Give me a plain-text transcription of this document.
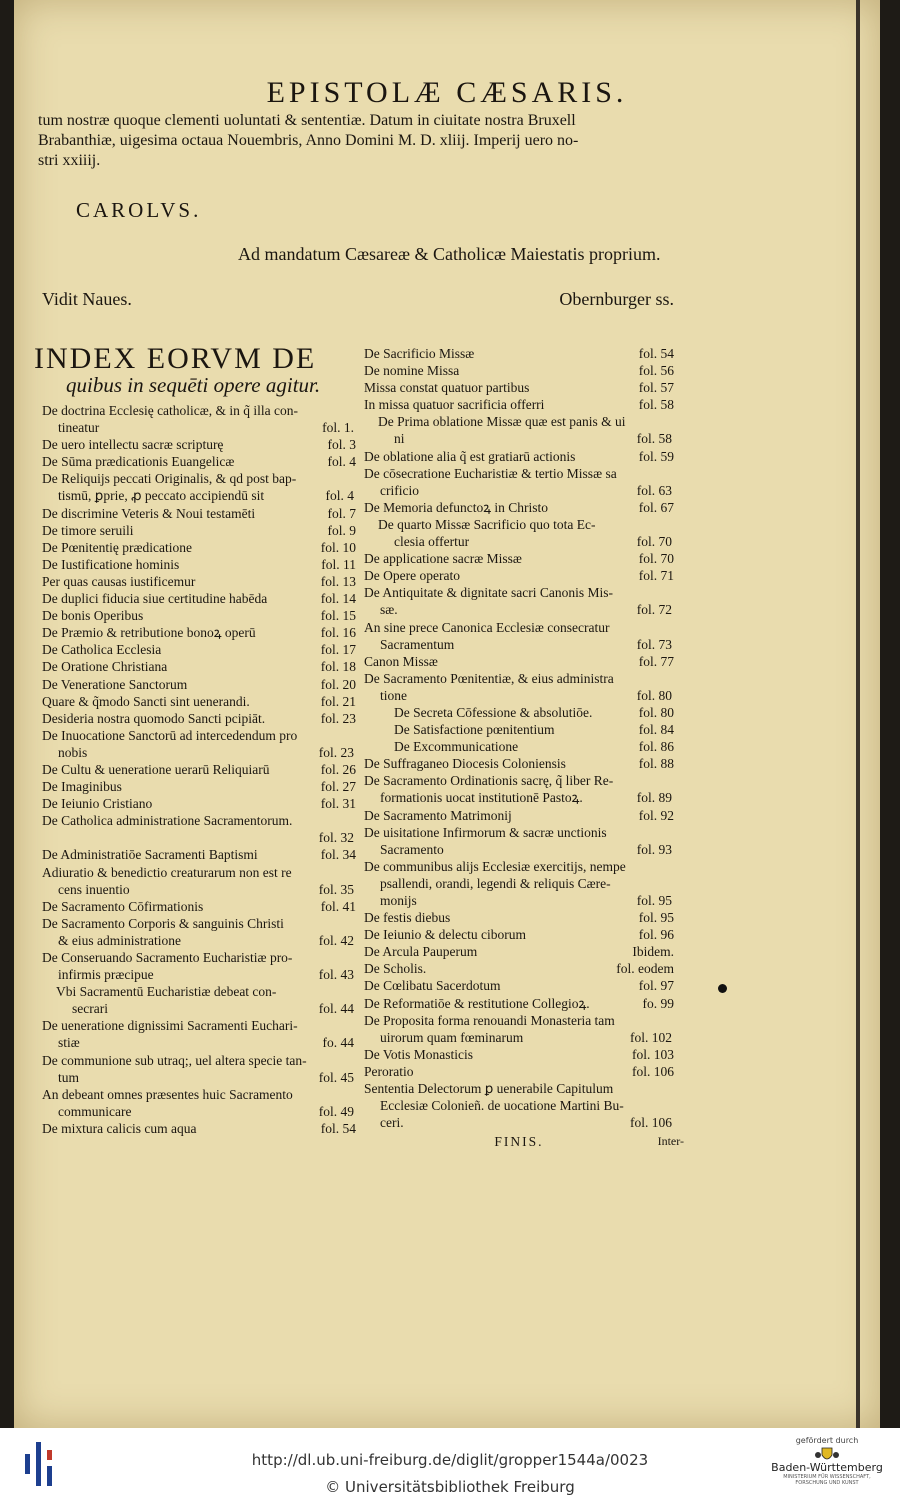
EPISTOLÆ CÆSARIS.
tum nostræ quoque clementi uoluntati & sententiæ. Datum in ciuitate nostra Bruxell
Brabanthiæ, uigesima octaua Nouembris, Anno Domini M. D. xliij. Imperij uero no-
stri xxiiij.
CAROLVS.
Ad mandatum Cæsareæ & Catholicæ Maiestatis proprium.
Vidit Naues.	Obernburger ss.
INDEX EORVM DE
quibus in sequēti opere agitur.
De doctrina Ecclesię catholicæ, & in q̃ illa con-
tineatur	fol. 1.
De uero intellectu sacræ scripturę	fol. 3
De Sūma prædicationis Euangelicæ	fol. 4
De Reliquijs peccati Originalis, & qd post bap-
tismū, ꝑprie, ꝓ peccato accipiendū sit	fol. 4
De discrimine Veteris & Noui testamēti	fol. 7
De timore seruili	fol. 9
De Pœnitentię prædicatione	fol. 10
De Iustificatione hominis	fol. 11
Per quas causas iustificemur	fol. 13
De duplici fiducia siue certitudine habēda	fol. 14
De bonis Operibus	fol. 15
De Præmio & retributione bonoꝝ operū	fol. 16
De Catholica Ecclesia	fol. 17
De Oratione Christiana	fol. 18
De Veneratione Sanctorum	fol. 20
Quare & q̃modo Sancti sint uenerandi.	fol. 21
Desideria nostra quomodo Sancti pcipiāt.	fol. 23
De Inuocatione Sanctorū ad intercedendum pro
nobis	fol. 23
De Cultu & ueneratione uerarū Reliquiarū	fol. 26
De Imaginibus	fol. 27
De Ieiunio Cristiano	fol. 31
De Catholica administratione Sacramentorum.
fol. 32
De Administratiōe Sacramenti Baptismi	fol. 34
Adiuratio & benedictio creaturarum non est re
cens inuentio	fol. 35
De Sacramento Cōfirmationis	fol. 41
De Sacramento Corporis & sanguinis Christi
& eius administratione	fol. 42
De Conseruando Sacramento Eucharistiæ pro-
infirmis præcipue	fol. 43
Vbi Sacramentū Eucharistiæ debeat con-
secrari	fol. 44
De ueneratione dignissimi Sacramenti Euchari-
stiæ	fo. 44
De communione sub utraq;, uel altera specie tan-
tum	fol. 45
An debeant omnes præsentes huic Sacramento
communicare	fol. 49
De mixtura calicis cum aqua	fol. 54
De Sacrificio Missæ	fol. 54
De nomine Missa	fol. 56
Missa constat quatuor partibus	fol. 57
In missa quatuor sacrificia offerri	fol. 58
De Prima oblatione Missæ quæ est panis & ui
ni	fol. 58
De oblatione alia q̃ est gratiarū actionis	fol. 59
De cōsecratione Eucharistiæ & tertio Missæ sa
crificio	fol. 63
De Memoria defunctoꝝ in Christo	fol. 67
De quarto Missæ Sacrificio quo tota Ec-
clesia offertur	fol. 70
De applicatione sacræ Missæ	fol. 70
De Opere operato	fol. 71
De Antiquitate & dignitate sacri Canonis Mis-
sæ.	fol. 72
An sine prece Canonica Ecclesiæ consecratur
Sacramentum	fol. 73
Canon Missæ	fol. 77
De Sacramento Pœnitentiæ, & eius administra
tione	fol. 80
De Secreta Cōfessione & absolutiōe.	fol. 80
De Satisfactione pœnitentium	fol. 84
De Excommunicatione	fol. 86
De Suffraganeo Diocesis Coloniensis	fol. 88
De Sacramento Ordinationis sacrę, q̃ liber Re-
formationis uocat institutionē Pastoꝝ.	fol. 89
De Sacramento Matrimonij	fol. 92
De uisitatione Infirmorum & sacræ unctionis
Sacramento	fol. 93
De communibus alijs Ecclesiæ exercitijs, nempe
psallendi, orandi, legendi & reliquis Cære-
monijs	fol. 95
De festis diebus	fol. 95
De Ieiunio & delectu ciborum	fol. 96
De Arcula Pauperum	Ibidem.
De Scholis.	fol. eodem
De Cœlibatu Sacerdotum	fol. 97
De Reformatiōe & restitutione Collegioꝝ.	fo. 99
De Proposita forma renouandi Monasteria tam
uirorum quam fœminarum	fol. 102
De Votis Monasticis	fol. 103
Peroratio	fol. 106
Sententia Delectorum ꝑ uenerabile Capitulum
Ecclesiæ Colonieñ. de uocatione Martini Bu-
ceri.	fol. 106
FINIS.	Inter-
http://dl.ub.uni-freiburg.de/diglit/gropper1544a/0023
© Universitätsbibliothek Freiburg
gefördert durch
Baden-Württemberg
MINISTERIUM FÜR WISSENSCHAFT, FORSCHUNG UND KUNST
